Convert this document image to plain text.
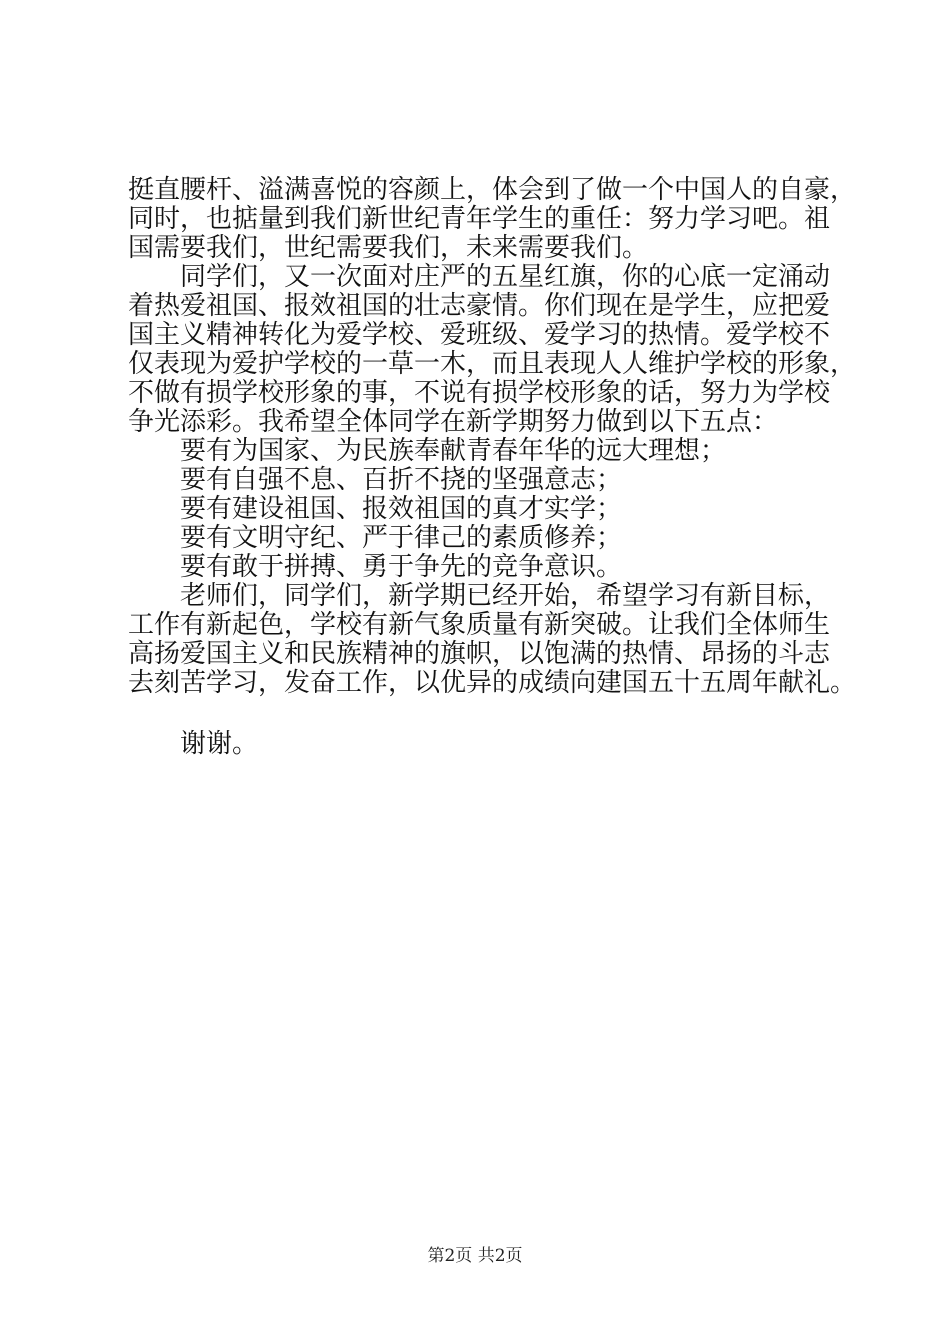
挺直腰杆、溢满喜悦的容颜上，体会到了做一个中国人的自豪，
同时，也掂量到我们新世纪青年学生的重任：努力学习吧。祖
国需要我们，世纪需要我们，未来需要我们。
同学们，又一次面对庄严的五星红旗，你的心底一定涌动
着热爱祖国、报效祖国的壮志豪情。你们现在是学生，应把爱
国主义精神转化为爱学校、爱班级、爱学习的热情。爱学校不
仅表现为爱护学校的一草一木，而且表现人人维护学校的形象，
不做有损学校形象的事，不说有损学校形象的话，努力为学校
争光添彩。我希望全体同学在新学期努力做到以下五点：
要有为国家、为民族奉献青春年华的远大理想；
要有自强不息、百折不挠的坚强意志；
要有建设祖国、报效祖国的真才实学；
要有文明守纪、严于律己的素质修养；
要有敢于拼搏、勇于争先的竞争意识。
老师们，同学们，新学期已经开始，希望学习有新目标，
工作有新起色，学校有新气象质量有新突破。让我们全体师生
高扬爱国主义和民族精神的旗帜，以饱满的热情、昂扬的斗志
去刻苦学习，发奋工作，以优异的成绩向建国五十五周年献礼。
谢谢。
第2页 共2页
